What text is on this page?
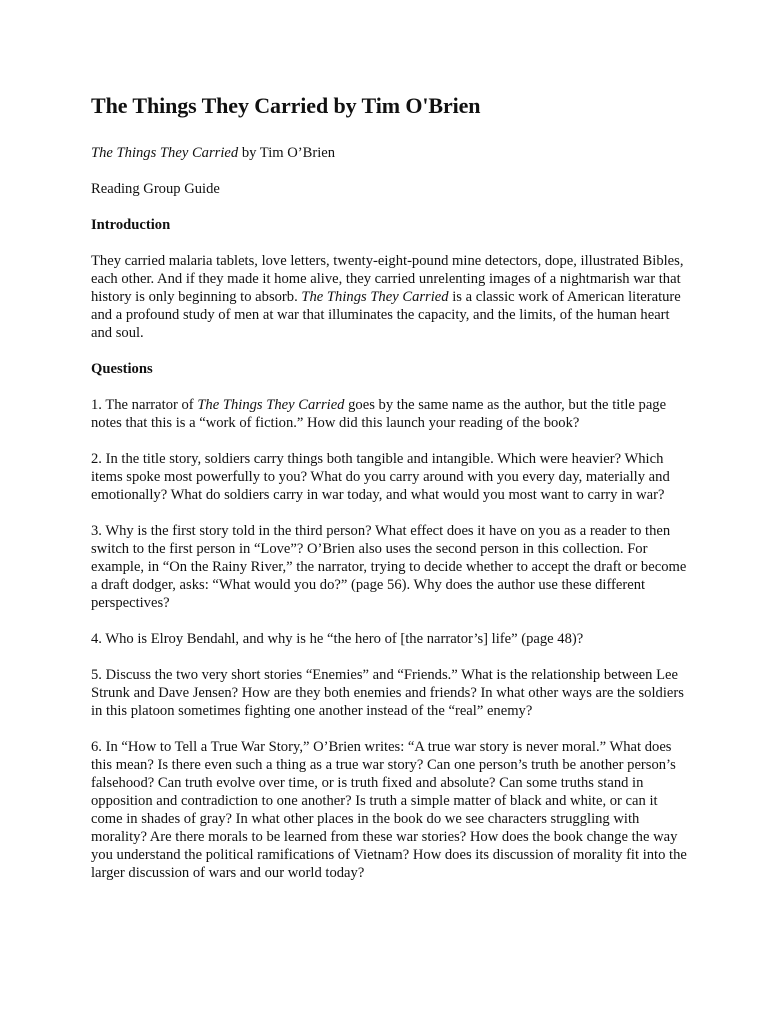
The Things They Carried by Tim O'Brien

The Things They Carried by Tim O’Brien

Reading Group Guide

Introduction

They carried malaria tablets, love letters, twenty-eight-pound mine detectors, dope, illustrated Bibles, each other. And if they made it home alive, they carried unrelenting images of a nightmarish war that history is only beginning to absorb. The Things They Carried is a classic work of American literature and a profound study of men at war that illuminates the capacity, and the limits, of the human heart and soul.

Questions

1. The narrator of The Things They Carried goes by the same name as the author, but the title page notes that this is a “work of fiction.” How did this launch your reading of the book?

2. In the title story, soldiers carry things both tangible and intangible. Which were heavier? Which items spoke most powerfully to you? What do you carry around with you every day, materially and emotionally? What do soldiers carry in war today, and what would you most want to carry in war?

3. Why is the first story told in the third person? What effect does it have on you as a reader to then switch to the first person in “Love”? O’Brien also uses the second person in this collection. For example, in “On the Rainy River,” the narrator, trying to decide whether to accept the draft or become a draft dodger, asks: “What would you do?” (page 56). Why does the author use these different perspectives?

4. Who is Elroy Bendahl, and why is he “the hero of [the narrator’s] life” (page 48)?

5. Discuss the two very short stories “Enemies” and “Friends.” What is the relationship between Lee Strunk and Dave Jensen? How are they both enemies and friends? In what other ways are the soldiers in this platoon sometimes fighting one another instead of the “real” enemy?

6. In “How to Tell a True War Story,” O’Brien writes: “A true war story is never moral.” What does this mean? Is there even such a thing as a true war story? Can one person’s truth be another person’s falsehood? Can truth evolve over time, or is truth fixed and absolute? Can some truths stand in opposition and contradiction to one another? Is truth a simple matter of black and white, or can it come in shades of gray? In what other places in the book do we see characters struggling with morality? Are there morals to be learned from these war stories? How does the book change the way you understand the political ramifications of Vietnam? How does its discussion of morality fit into the larger discussion of wars and our world today?
